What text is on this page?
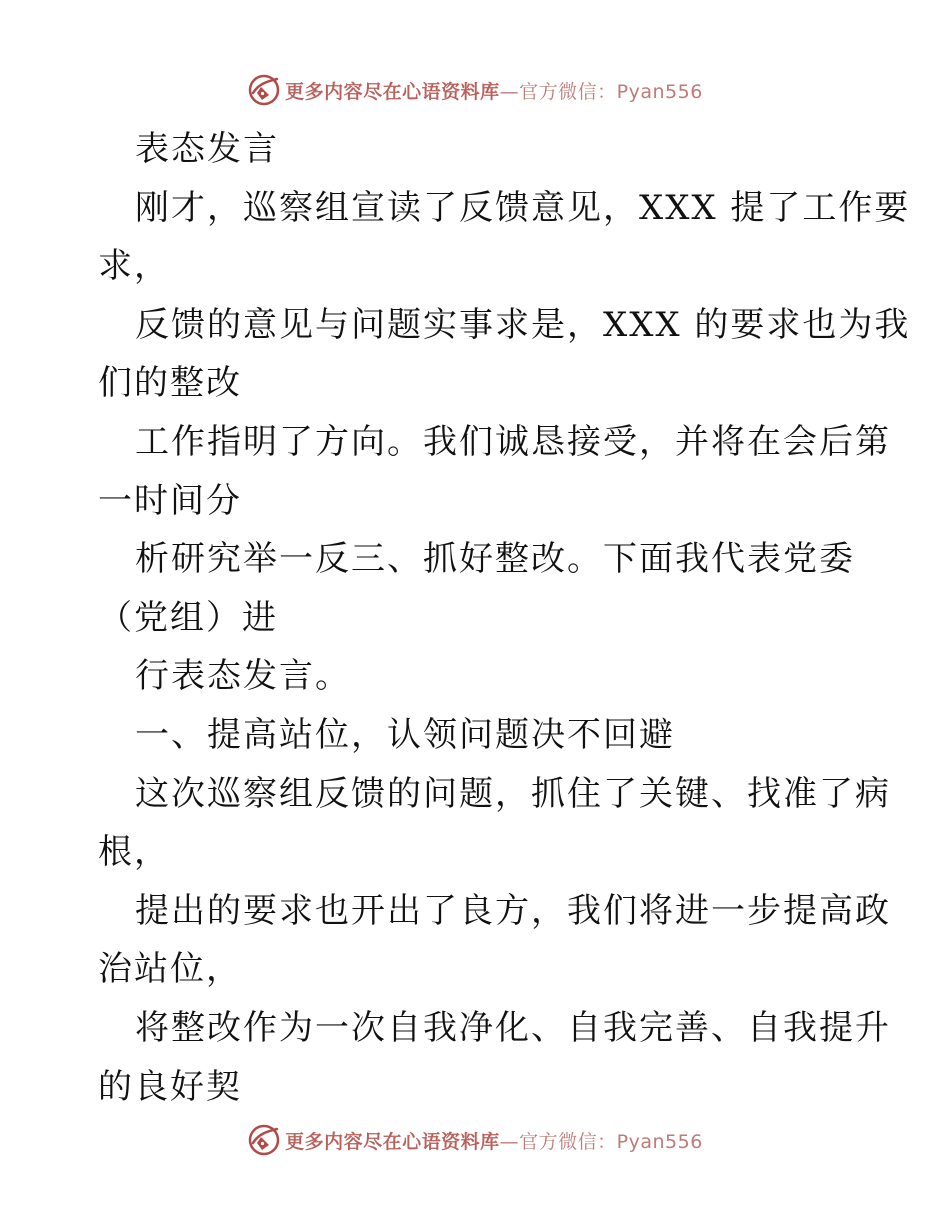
更多内容尽在心语资料库—官方微信：Pyan556
表态发言
刚才，巡察组宣读了反馈意见，XXX 提了工作要
求，
反馈的意见与问题实事求是，XXX 的要求也为我
们的整改
工作指明了方向。我们诚恳接受，并将在会后第
一时间分
析研究举一反三、抓好整改。下面我代表党委
（党组）进
行表态发言。
一、提高站位，认领问题决不回避
这次巡察组反馈的问题，抓住了关键、找准了病
根，
提出的要求也开出了良方，我们将进一步提高政
治站位，
将整改作为一次自我净化、自我完善、自我提升
的良好契
更多内容尽在心语资料库—官方微信：Pyan556
